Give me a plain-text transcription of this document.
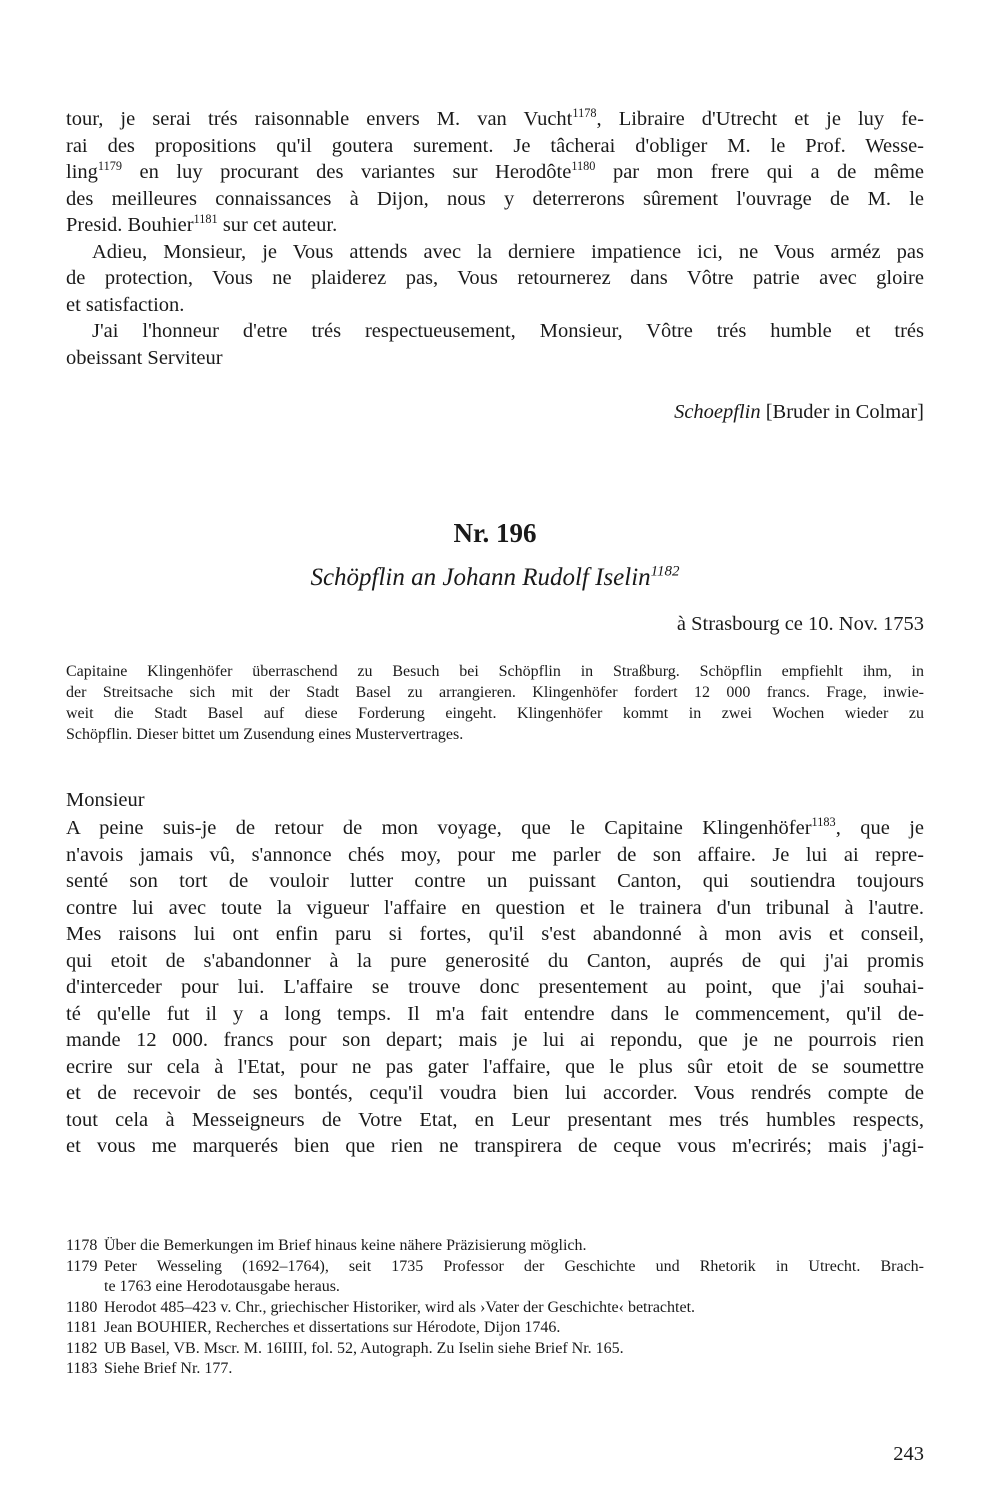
tour, je serai trés raisonnable envers M. van Vucht$^{1178}$, Libraire d'Utrecht et je luy fe-
rai des propositions qu'il goutera surement. Je tâcherai d'obliger M. le Prof. Wesse-
ling$^{1179}$ en luy procurant des variantes sur Herodôte$^{1180}$ par mon frere qui a de même
des meilleures connaissances à Dijon, nous y deterrerons sûrement l'ouvrage de M. le
Presid. Bouhier$^{1181}$ sur cet auteur.

Adieu, Monsieur, je Vous attends avec la derniere impatience ici, ne Vous arméz pas
de protection, Vous ne plaiderez pas, Vous retournerez dans Vôtre patrie avec gloire
et satisfaction.

J'ai l'honneur d'etre trés respectueusement, Monsieur, Vôtre trés humble et trés
obeissant Serviteur

Schoepflin [Bruder in Colmar]
Nr. 196
Schöpflin an Johann Rudolf Iselin$^{1182}$
à Strasbourg ce 10. Nov. 1753
Capitaine Klingenhöfer überraschend zu Besuch bei Schöpflin in Straßburg. Schöpflin empfiehlt ihm, in
der Streitsache sich mit der Stadt Basel zu arrangieren. Klingenhöfer fordert 12 000 francs. Frage, inwie-
weit die Stadt Basel auf diese Forderung eingeht. Klingenhöfer kommt in zwei Wochen wieder zu
Schöpflin. Dieser bittet um Zusendung eines Mustervertrages.
Monsieur

A peine suis-je de retour de mon voyage, que le Capitaine Klingenhöfer$^{1183}$, que je
n'avois jamais vû, s'annonce chés moy, pour me parler de son affaire. Je lui ai repre-
senté son tort de vouloir lutter contre un puissant Canton, qui soutiendra toujours
contre lui avec toute la vigueur l'affaire en question et le trainera d'un tribunal à l'autre.
Mes raisons lui ont enfin paru si fortes, qu'il s'est abandonné à mon avis et conseil,
qui etoit de s'abandonner à la pure generosité du Canton, auprés de qui j'ai promis
d'interceder pour lui. L'affaire se trouve donc presentement au point, que j'ai souhai-
té qu'elle fut il y a long temps. Il m'a fait entendre dans le commencement, qu'il de-
mande 12 000. francs pour son depart; mais je lui ai repondu, que je ne pourrois rien
ecrire sur cela à l'Etat, pour ne pas gater l'affaire, que le plus sûr etoit de se soumettre
et de recevoir de ses bontés, cequ'il voudra bien lui accorder. Vous rendrés compte de
tout cela à Messeigneurs de Votre Etat, en Leur presentant mes trés humbles respects,
et vous me marquerés bien que rien ne transpirera de ceque vous m'ecrirés; mais j'agi-

1178 Über die Bemerkungen im Brief hinaus keine nähere Präzisierung möglich.
1179 Peter Wesseling (1692–1764), seit 1735 Professor der Geschichte und Rhetorik in Utrecht. Brach-
te 1763 eine Herodotausgabe heraus.
1180 Herodot 485–423 v. Chr., griechischer Historiker, wird als ›Vater der Geschichte‹ betrachtet.
1181 Jean BOUHIER, Recherches et dissertations sur Hérodote, Dijon 1746.
1182 UB Basel, VB. Mscr. M. 16IIII, fol. 52, Autograph. Zu Iselin siehe Brief Nr. 165.
1183 Siehe Brief Nr. 177.
243
